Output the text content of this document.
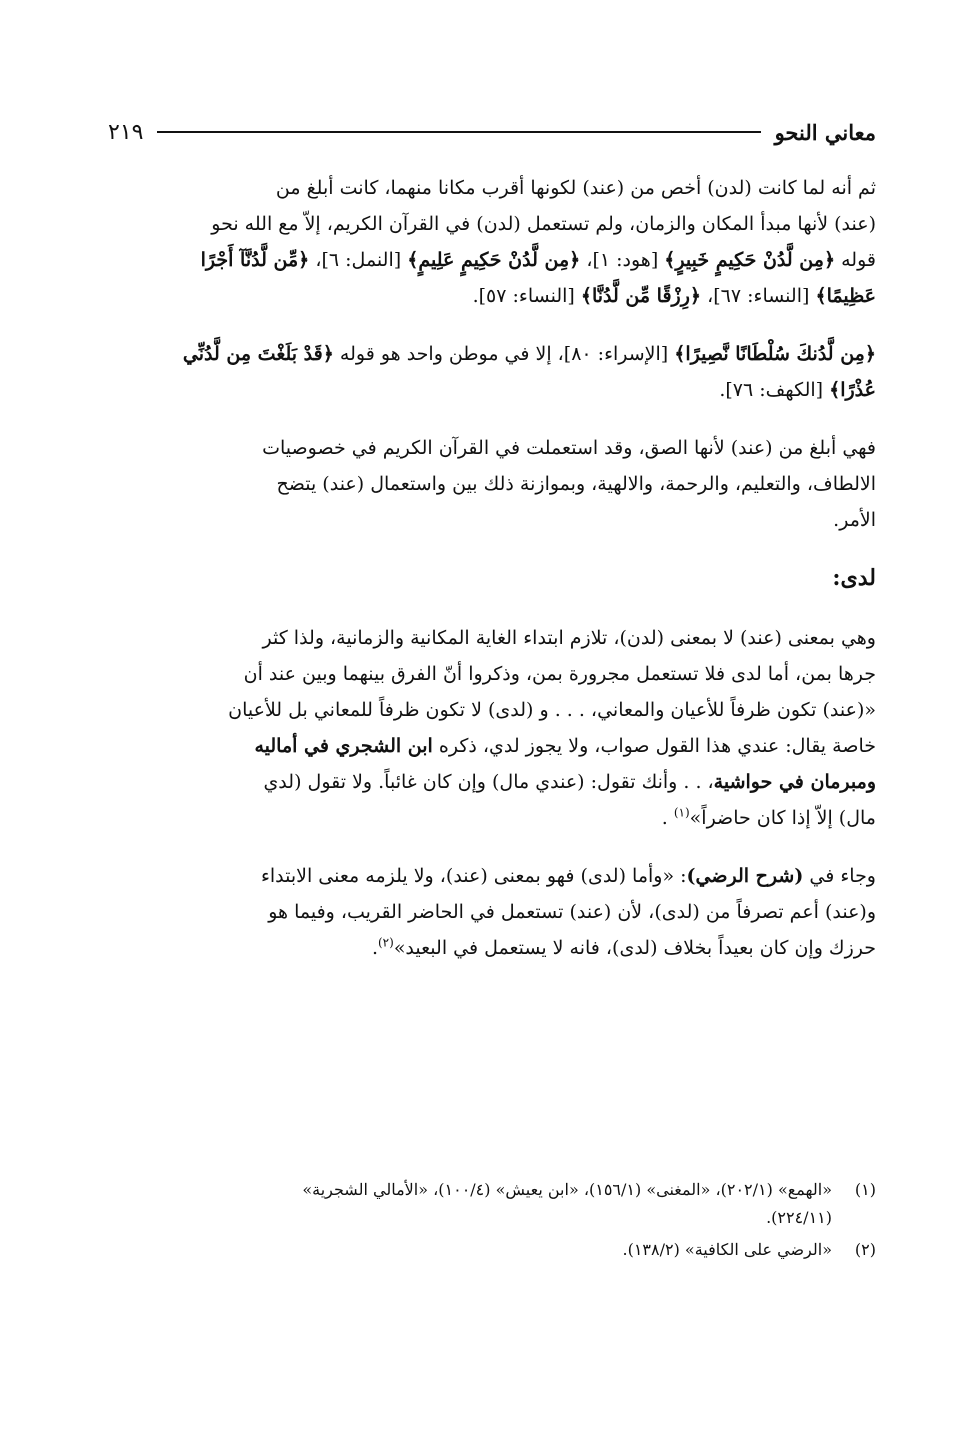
معاني النحو
٢١٩

ثم أنه لما كانت (لدن) أخص من (عند) لكونها أقرب مكانا منهما، كانت أبلغ من
(عند) لأنها مبدأ المكان والزمان، ولم تستعمل (لدن) في القرآن الكريم، إلاّ مع الله نحو
قوله ﴿مِن لَّدُنْ حَكِيمٍ خَبِيرٍ﴾ [هود: ١]، ﴿مِن لَّدُنْ حَكِيمٍ عَلِيمٍ﴾ [النمل: ٦]، ﴿مِّن لَّدُنَّآ أَجْرًا
عَظِيمًا﴾ [النساء: ٦٧]، ﴿رِزْقًا مِّن لَّدُنَّا﴾ [النساء: ٥٧].

﴿مِن لَّدُنكَ سُلْطَانًا نَّصِيرًا﴾ [الإسراء: ٨٠]، إلا في موطن واحد هو قوله ﴿قَدْ بَلَغْتَ مِن لَّدُنِّي
عُذْرًا﴾ [الكهف: ٧٦].

فهي أبلغ من (عند) لأنها الصق، وقد استعملت في القرآن الكريم في خصوصيات
الالطاف، والتعليم، والرحمة، والالهية، وبموازنة ذلك بين واستعمال (عند) يتضح
الأمر.

لدى:

وهي بمعنى (عند) لا بمعنى (لدن)، تلازم ابتداء الغاية المكانية والزمانية، ولذا كثر
جرها بمن، أما لدى فلا تستعمل مجرورة بمن، وذكروا أنّ الفرق بينهما وبين عند أن
«(عند) تكون ظرفاً للأعيان والمعاني، . . . و (لدى) لا تكون ظرفاً للمعاني بل للأعيان
خاصة يقال: عندي هذا القول صواب، ولا يجوز لدي، ذكره ابن الشجري في أماليه
ومبرمان في حواشية، . . وأنك تقول: (عندي مال) وإن كان غائباً. ولا تقول (لدي
مال) إلاّ إذا كان حاضراً»$^{(١)}$ .

وجاء في (شرح الرضي): «وأما (لدى) فهو بمعنى (عند)، ولا يلزمه معنى الابتداء
و(عند) أعم تصرفاً من (لدى)، لأن (عند) تستعمل في الحاضر القريب، وفيما هو
حرزك وإن كان بعيداً بخلاف (لدى)، فانه لا يستعمل في البعيد»$^{(٢)}$.

(١)
«الهمع» (٢٠٢/١)، «المغنى» (١٥٦/١)، «ابن يعيش» (١٠٠/٤)، «الأمالي الشجرية»
(٢٢٤/١١).
(٢)
«الرضي على الكافية» (١٣٨/٢).
